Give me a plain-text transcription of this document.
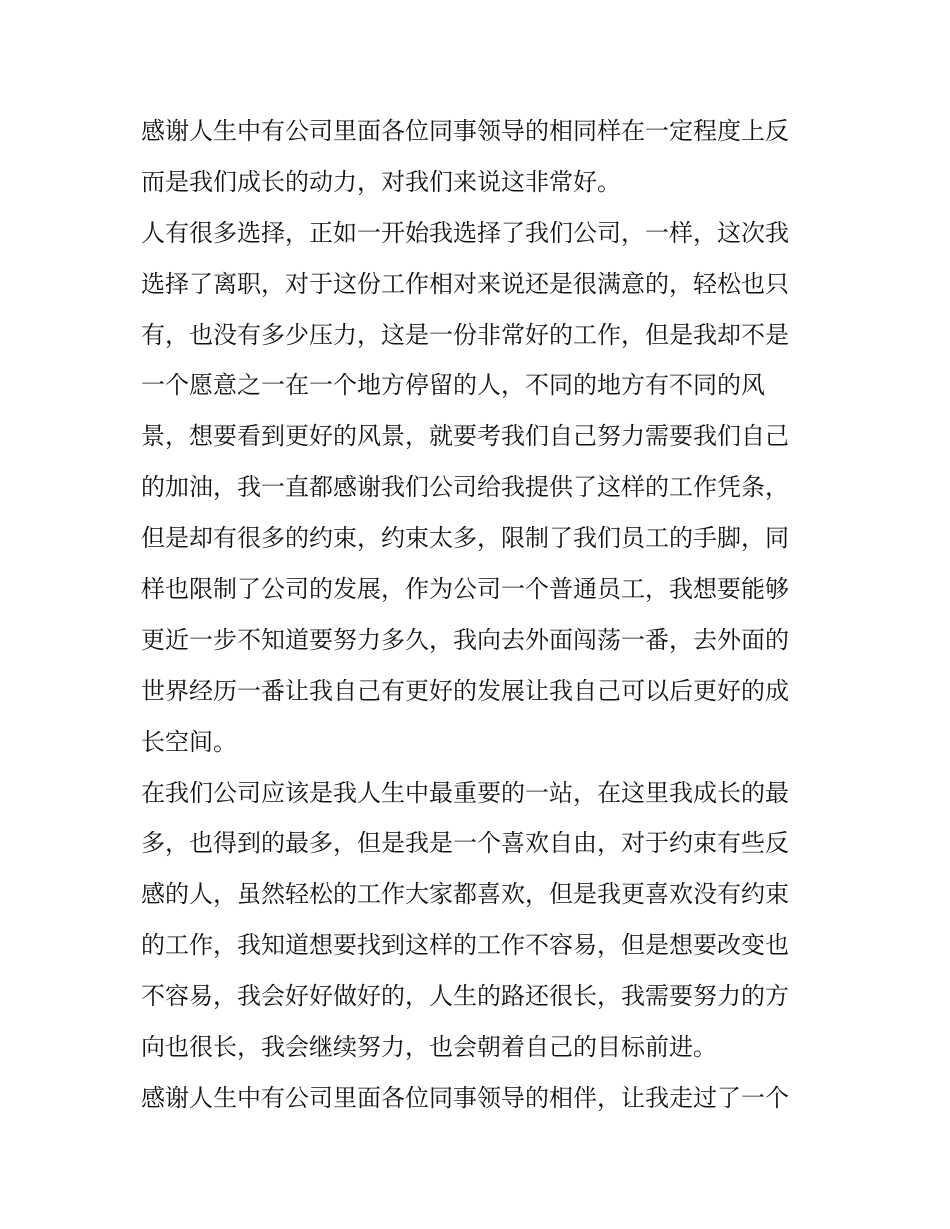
感谢人生中有公司里面各位同事领导的相同样在一定程度上反
而是我们成长的动力，对我们来说这非常好。
人有很多选择，正如一开始我选择了我们公司，一样，这次我
选择了离职，对于这份工作相对来说还是很满意的，轻松也只
有，也没有多少压力，这是一份非常好的工作，但是我却不是
一个愿意之一在一个地方停留的人，不同的地方有不同的风
景，想要看到更好的风景，就要考我们自己努力需要我们自己
的加油，我一直都感谢我们公司给我提供了这样的工作凭条，
但是却有很多的约束，约束太多，限制了我们员工的手脚，同
样也限制了公司的发展，作为公司一个普通员工，我想要能够
更近一步不知道要努力多久，我向去外面闯荡一番，去外面的
世界经历一番让我自己有更好的发展让我自己可以后更好的成
长空间。
在我们公司应该是我人生中最重要的一站，在这里我成长的最
多，也得到的最多，但是我是一个喜欢自由，对于约束有些反
感的人，虽然轻松的工作大家都喜欢，但是我更喜欢没有约束
的工作，我知道想要找到这样的工作不容易，但是想要改变也
不容易，我会好好做好的，人生的路还很长，我需要努力的方
向也很长，我会继续努力，也会朝着自己的目标前进。
感谢人生中有公司里面各位同事领导的相伴，让我走过了一个
